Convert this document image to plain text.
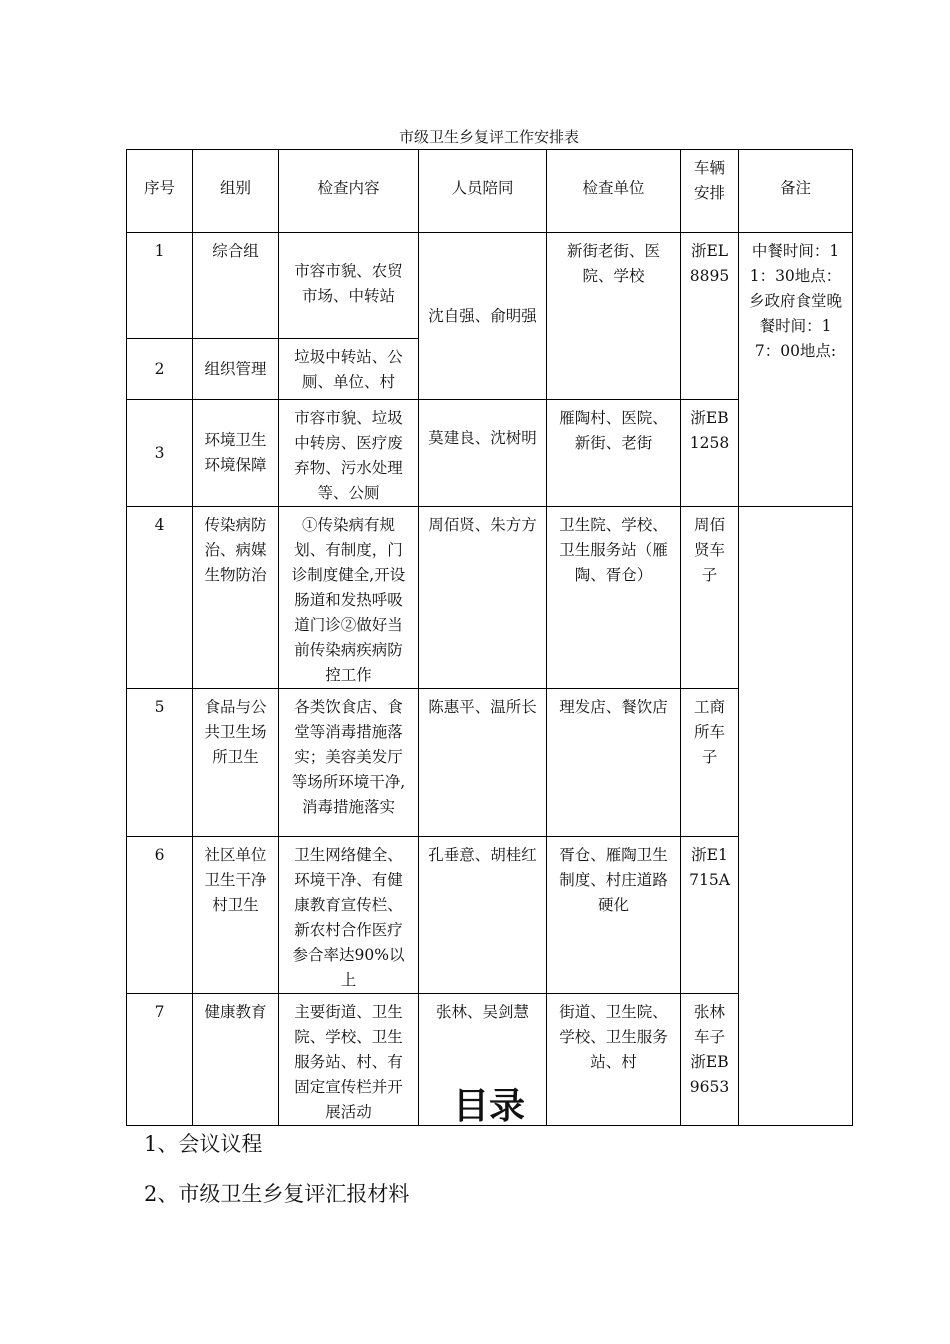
市级卫生乡复评工作安排表
序号	组别	检查内容	人员陪同	检查单位	车辆安排	备注
1	综合组	市容市貌、农贸市场、中转站	沈自强、俞明强	新街老街、医院、学校	浙EL8895	中餐时间：11：30地点：乡政府食堂晚餐时间：17：00地点:
2	组织管理	垃圾中转站、公厕、单位、村				
3	环境卫生环境保障	市容市貌、垃圾中转房、医疗废弃物、污水处理等、公厕	莫建良、沈树明	雁陶村、医院、新街、老街	浙EB1258	
4	传染病防治、病媒生物防治	①传染病有规划、有制度，门诊制度健全,开设肠道和发热呼吸道门诊②做好当前传染病疾病防控工作	周佰贤、朱方方	卫生院、学校、卫生服务站（雁陶、胥仓）	周佰贤车子	
5	食品与公共卫生场所卫生	各类饮食店、食堂等消毒措施落实；美容美发厅等场所环境干净,消毒措施落实	陈惠平、温所长	理发店、餐饮店	工商所车子	
6	社区单位卫生干净村卫生	卫生网络健全、环境干净、有健康教育宣传栏、新农村合作医疗参合率达90%以上	孔垂意、胡桂红	胥仓、雁陶卫生制度、村庄道路硬化	浙E1715A	
7	健康教育	主要街道、卫生院、学校、卫生服务站、村、有固定宣传栏并开展活动	张林、吴剑慧	街道、卫生院、学校、卫生服务站、村	张林车子浙EB9653	
目录
1、会议议程
2、市级卫生乡复评汇报材料
